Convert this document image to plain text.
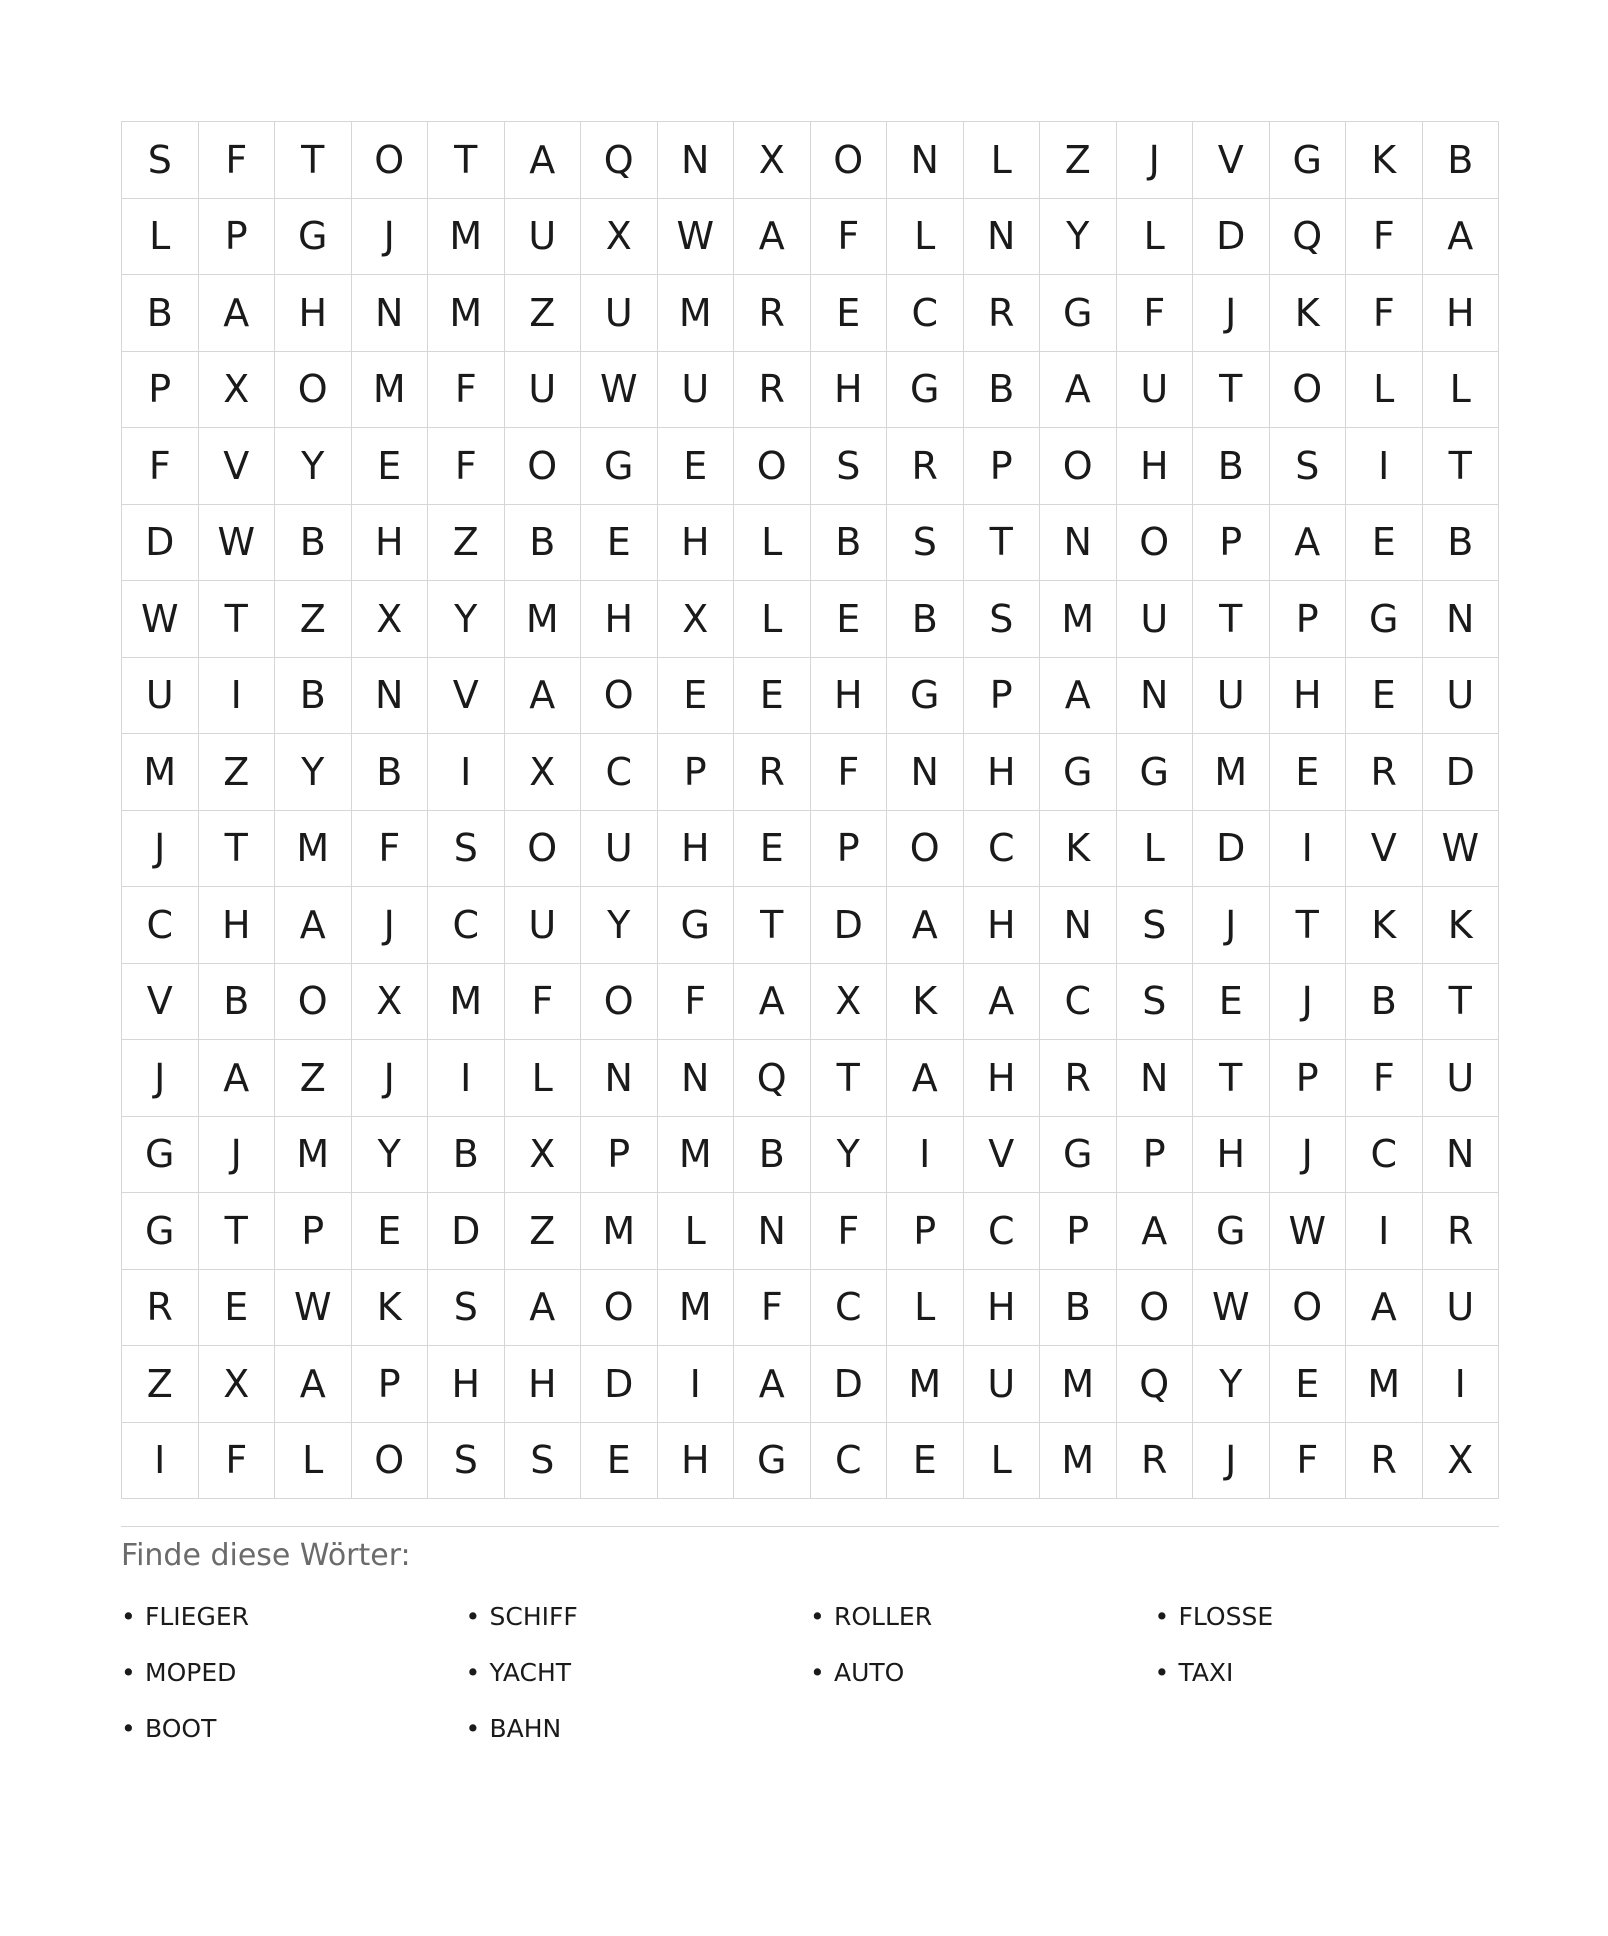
S	F	T	O	T	A	Q	N	X	O	N	L	Z	J	V	G	K	B
L	P	G	J	M	U	X	W	A	F	L	N	Y	L	D	Q	F	A
B	A	H	N	M	Z	U	M	R	E	C	R	G	F	J	K	F	H
P	X	O	M	F	U	W	U	R	H	G	B	A	U	T	O	L	L
F	V	Y	E	F	O	G	E	O	S	R	P	O	H	B	S	I	T
D	W	B	H	Z	B	E	H	L	B	S	T	N	O	P	A	E	B
W	T	Z	X	Y	M	H	X	L	E	B	S	M	U	T	P	G	N
U	I	B	N	V	A	O	E	E	H	G	P	A	N	U	H	E	U
M	Z	Y	B	I	X	C	P	R	F	N	H	G	G	M	E	R	D
J	T	M	F	S	O	U	H	E	P	O	C	K	L	D	I	V	W
C	H	A	J	C	U	Y	G	T	D	A	H	N	S	J	T	K	K
V	B	O	X	M	F	O	F	A	X	K	A	C	S	E	J	B	T
J	A	Z	J	I	L	N	N	Q	T	A	H	R	N	T	P	F	U
G	J	M	Y	B	X	P	M	B	Y	I	V	G	P	H	J	C	N
G	T	P	E	D	Z	M	L	N	F	P	C	P	A	G	W	I	R
R	E	W	K	S	A	O	M	F	C	L	H	B	O	W	O	A	U
Z	X	A	P	H	H	D	I	A	D	M	U	M	Q	Y	E	M	I
I	F	L	O	S	S	E	H	G	C	E	L	M	R	J	F	R	X
Finde diese Wörter:
• FLIEGER	• SCHIFF	• ROLLER	• FLOSSE
• MOPED	• YACHT	• AUTO	• TAXI
• BOOT	• BAHN
